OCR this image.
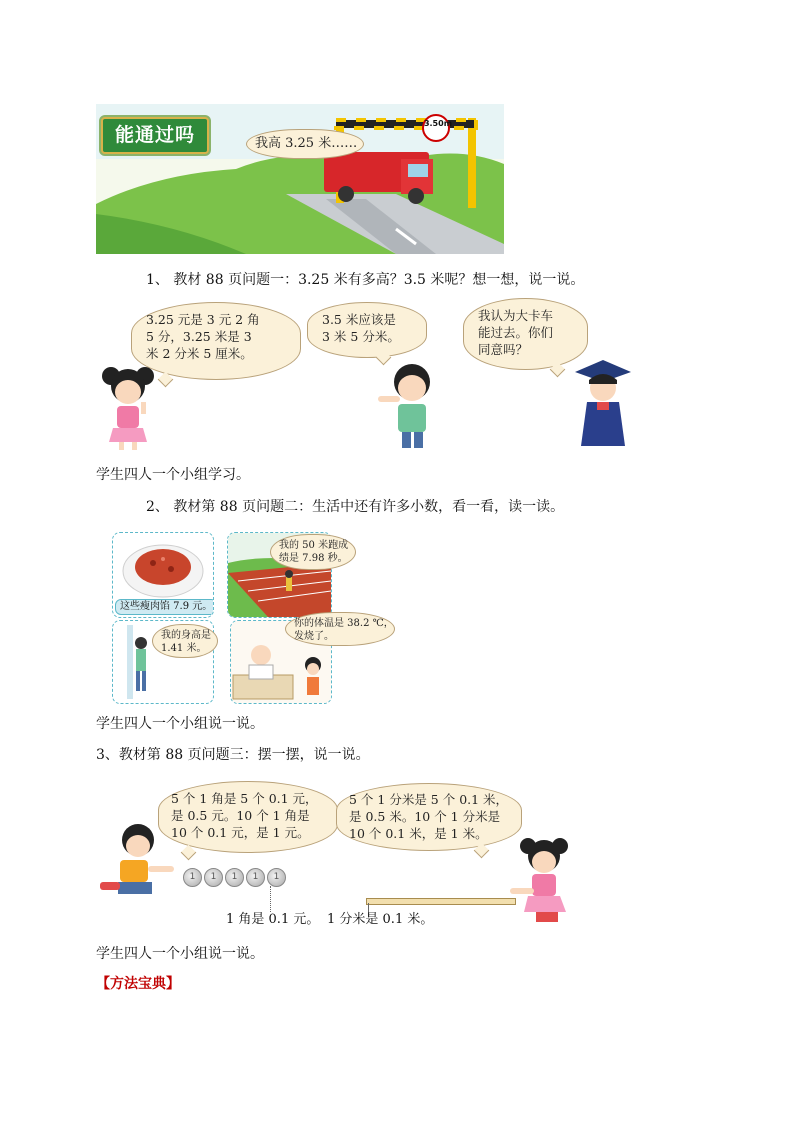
能通过吗	我高 3.25 米……
3.50m
1、 教材 88 页问题一：3.25 米有多高？3.5 米呢？想一想，说一说。
3.25 元是 3 元 2 角
5 分，3.25 米是 3
米 2 分米 5 厘米。
3.5 米应该是
3 米 5 分米。
我认为大卡车
能过去。你们
同意吗？
学生四人一个小组学习。
2、 教材第 88 页问题二：生活中还有许多小数，看一看，读一读。
这些瘦肉馅 7.9 元。
我的 50 米跑成
绩是 7.98 秒。
我的身高是
1.41 米。
你的体温是 38.2 ℃，
发烧了。
学生四人一个小组说一说。
3、教材第 88 页问题三：摆一摆，说一说。
5 个 1 角是 5 个 0.1 元，
是 0.5 元。10 个 1 角是
10 个 0.1 元，是 1 元。
5 个 1 分米是 5 个 0.1 米，
是 0.5 米。10 个 1 分米是
10 个 0.1 米，是 1 米。
1 1 1 1 1
1 角是 0.1 元。 1 分米是 0.1 米。
学生四人一个小组说一说。
【方法宝典】
